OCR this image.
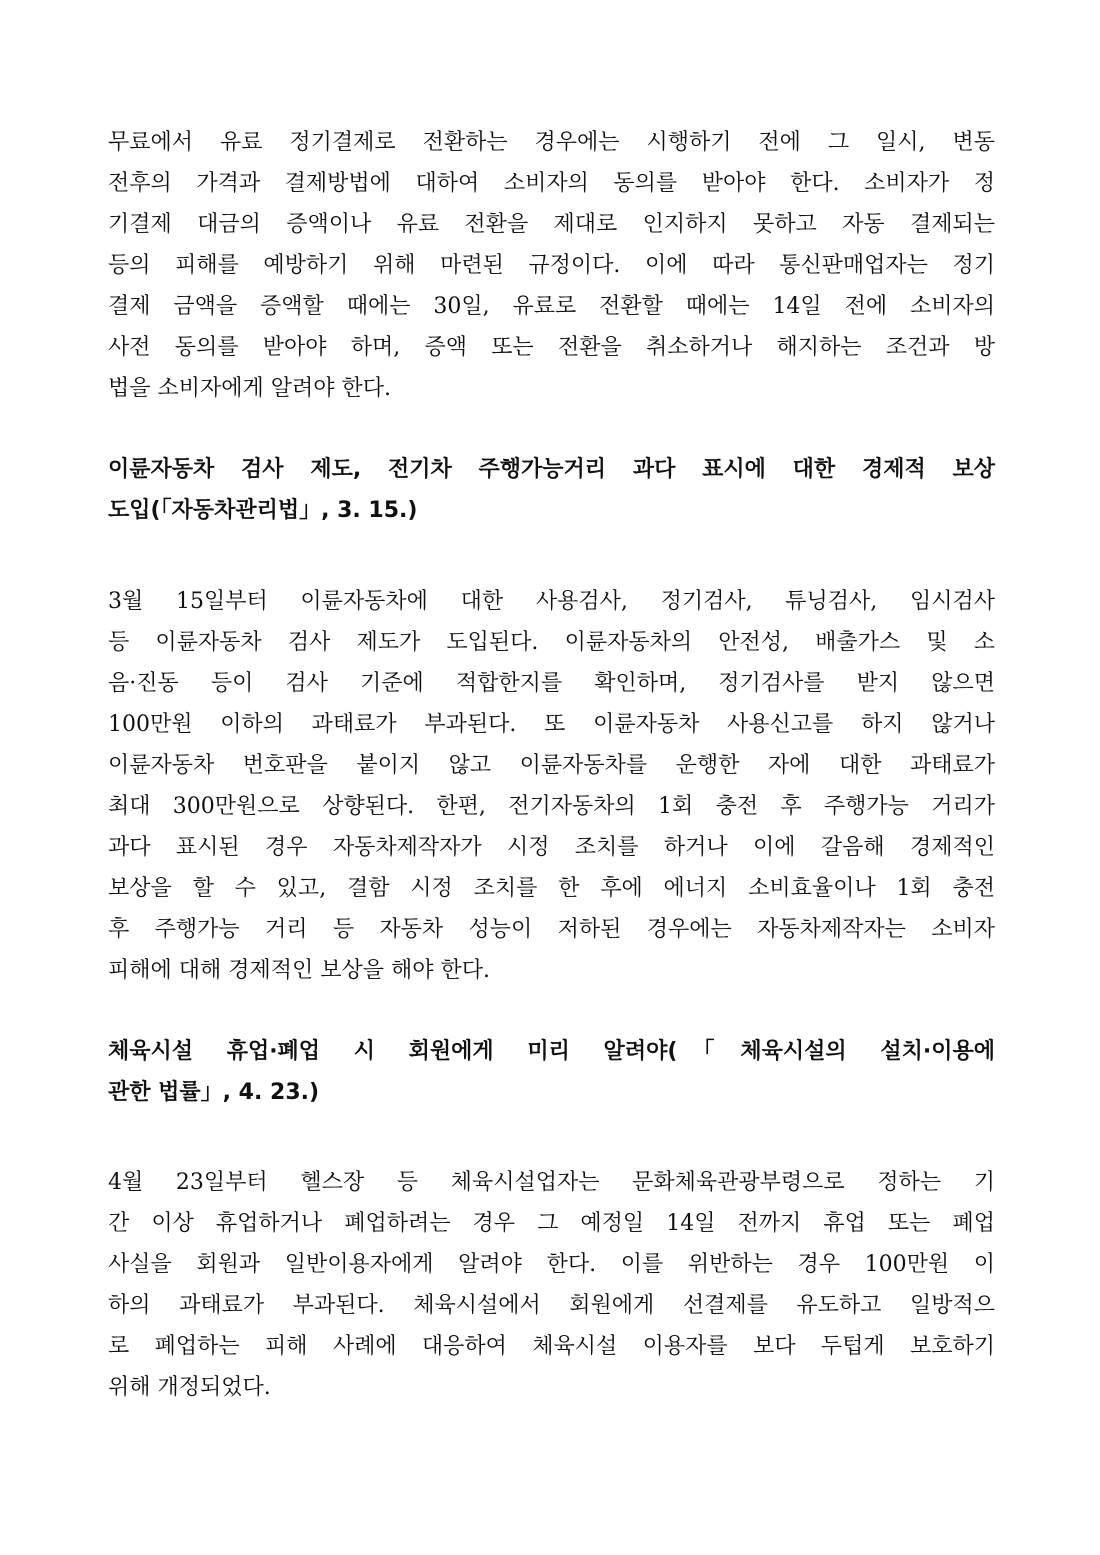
무료에서 유료 정기결제로 전환하는 경우에는 시행하기 전에 그 일시, 변동
전후의 가격과 결제방법에 대하여 소비자의 동의를 받아야 한다. 소비자가 정
기결제 대금의 증액이나 유료 전환을 제대로 인지하지 못하고 자동 결제되는
등의 피해를 예방하기 위해 마련된 규정이다. 이에 따라 통신판매업자는 정기
결제 금액을 증액할 때에는 30일, 유료로 전환할 때에는 14일 전에 소비자의
사전 동의를 받아야 하며, 증액 또는 전환을 취소하거나 해지하는 조건과 방
법을 소비자에게 알려야 한다.
이륜자동차 검사 제도, 전기차 주행가능거리 과다 표시에 대한 경제적 보상
도입(「자동차관리법」, 3. 15.)
3월 15일부터 이륜자동차에 대한 사용검사, 정기검사, 튜닝검사, 임시검사
등 이륜자동차 검사 제도가 도입된다. 이륜자동차의 안전성, 배출가스 및 소
음·진동 등이 검사 기준에 적합한지를 확인하며, 정기검사를 받지 않으면
100만원 이하의 과태료가 부과된다. 또 이륜자동차 사용신고를 하지 않거나
이륜자동차 번호판을 붙이지 않고 이륜자동차를 운행한 자에 대한 과태료가
최대 300만원으로 상향된다. 한편, 전기자동차의 1회 충전 후 주행가능 거리가
과다 표시된 경우 자동차제작자가 시정 조치를 하거나 이에 갈음해 경제적인
보상을 할 수 있고, 결함 시정 조치를 한 후에 에너지 소비효율이나 1회 충전
후 주행가능 거리 등 자동차 성능이 저하된 경우에는 자동차제작자는 소비자
피해에 대해 경제적인 보상을 해야 한다.
체육시설 휴업·폐업 시 회원에게 미리 알려야(「체육시설의 설치·이용에
관한 법률」, 4. 23.)
4월 23일부터 헬스장 등 체육시설업자는 문화체육관광부령으로 정하는 기
간 이상 휴업하거나 폐업하려는 경우 그 예정일 14일 전까지 휴업 또는 폐업
사실을 회원과 일반이용자에게 알려야 한다. 이를 위반하는 경우 100만원 이
하의 과태료가 부과된다. 체육시설에서 회원에게 선결제를 유도하고 일방적으
로 폐업하는 피해 사례에 대응하여 체육시설 이용자를 보다 두텁게 보호하기
위해 개정되었다.
